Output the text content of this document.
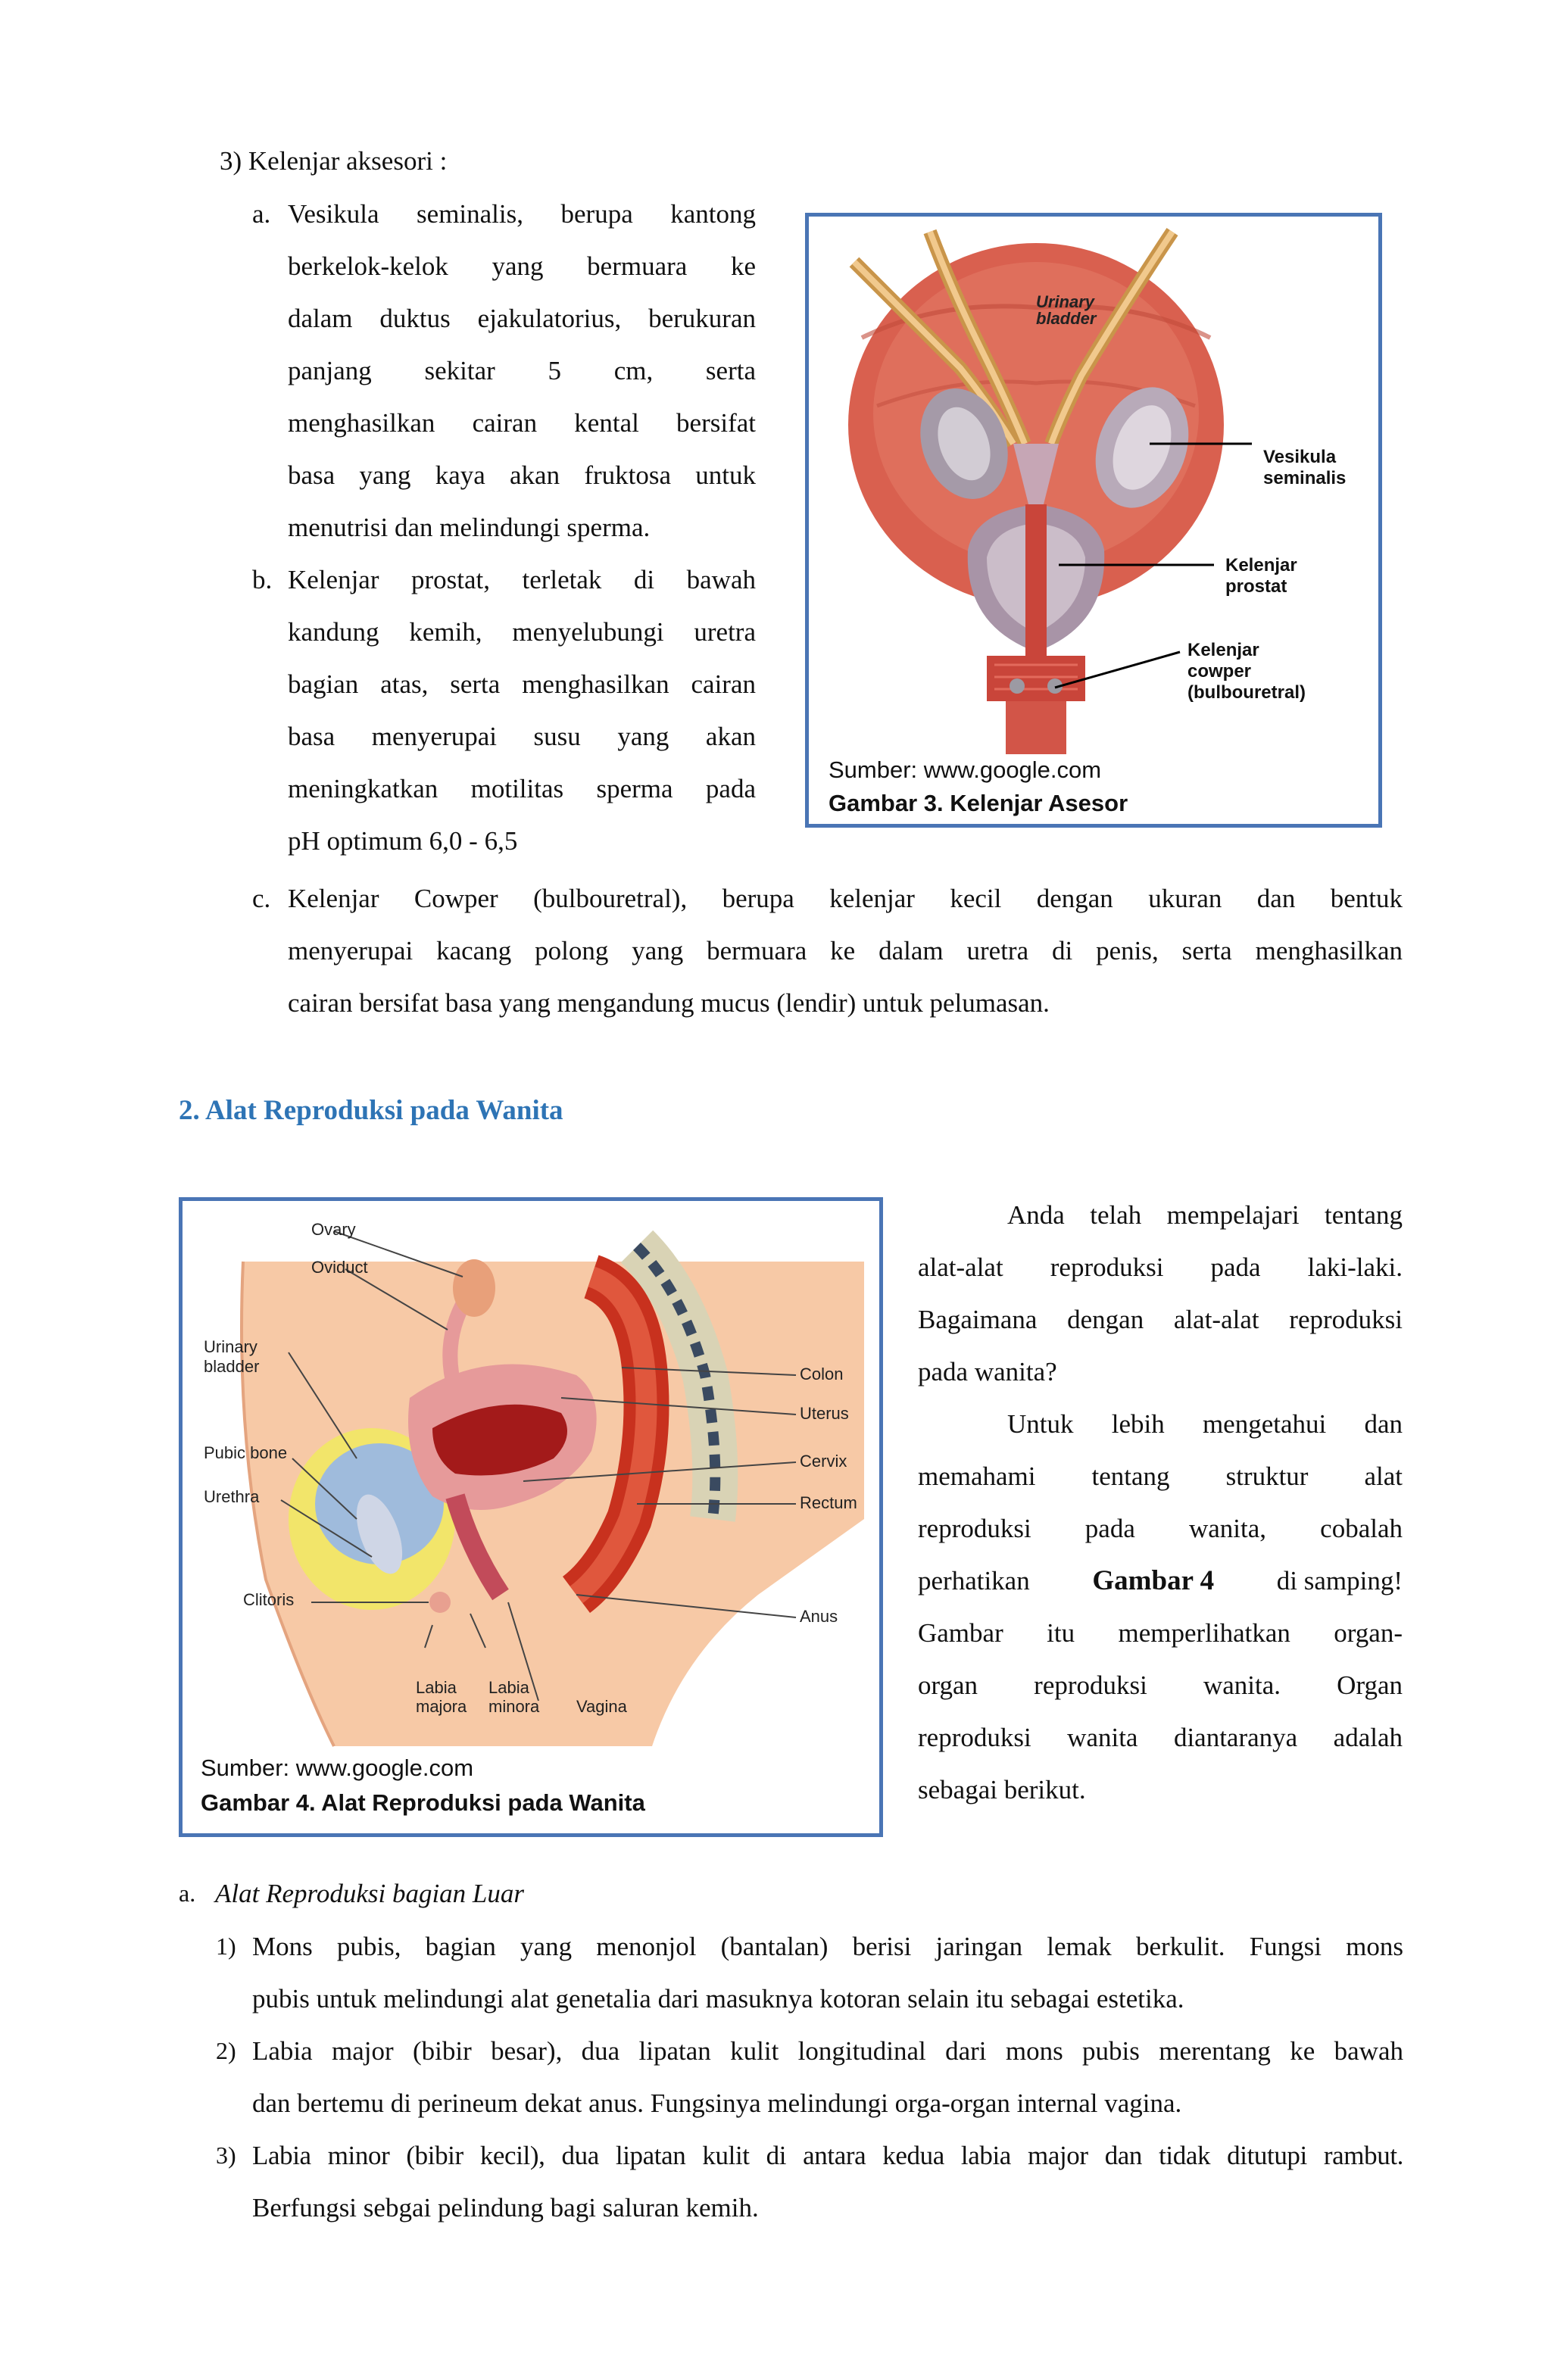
3) Kelenjar aksesori :
a. Vesikula seminalis, berupa kantong
berkelok-kelok yang bermuara ke
dalam duktus ejakulatorius, berukuran
panjang sekitar 5 cm, serta
menghasilkan cairan kental bersifat
basa yang kaya akan fruktosa untuk
menutrisi dan melindungi sperma.
b. Kelenjar prostat, terletak di bawah
kandung kemih, menyelubungi uretra
bagian atas, serta menghasilkan cairan
basa menyerupai susu yang akan
meningkatkan motilitas sperma pada
pH optimum 6,0 - 6,5
c. Kelenjar Cowper (bulbouretral), berupa kelenjar kecil dengan ukuran dan bentuk
menyerupai kacang polong yang bermuara ke dalam uretra di penis, serta menghasilkan
cairan bersifat basa yang mengandung mucus (lendir) untuk pelumasan.
Urinary
bladder
Vesikula
seminalis
Kelenjar
prostat
Kelenjar
cowper
(bulbouretral)
Sumber: www.google.com
Gambar 3. Kelenjar Asesor
2. Alat Reproduksi pada Wanita
Ovary
Oviduct
Urinary
bladder
Pubic bone
Urethra
Clitoris
Colon
Uterus
Cervix
Rectum
Anus
Labia
majora
Labia
minora Vagina
Sumber: www.google.com
Gambar 4. Alat Reproduksi pada Wanita
Anda telah mempelajari tentang
alat-alat reproduksi pada laki-laki.
Bagaimana dengan alat-alat reproduksi
pada wanita?
Untuk lebih mengetahui dan
memahami tentang struktur alat
reproduksi pada wanita, cobalah
perhatikan Gambar 4 di samping!
Gambar itu memperlihatkan organ-
organ reproduksi wanita. Organ
reproduksi wanita diantaranya adalah
sebagai berikut.
a. Alat Reproduksi bagian Luar
1) Mons pubis, bagian yang menonjol (bantalan) berisi jaringan lemak berkulit. Fungsi mons
pubis untuk melindungi alat genetalia dari masuknya kotoran selain itu sebagai estetika.
2) Labia major (bibir besar), dua lipatan kulit longitudinal dari mons pubis merentang ke bawah
dan bertemu di perineum dekat anus. Fungsinya melindungi orga-organ internal vagina.
3) Labia minor (bibir kecil), dua lipatan kulit di antara kedua labia major dan tidak ditutupi rambut.
Berfungsi sebgai pelindung bagi saluran kemih.
